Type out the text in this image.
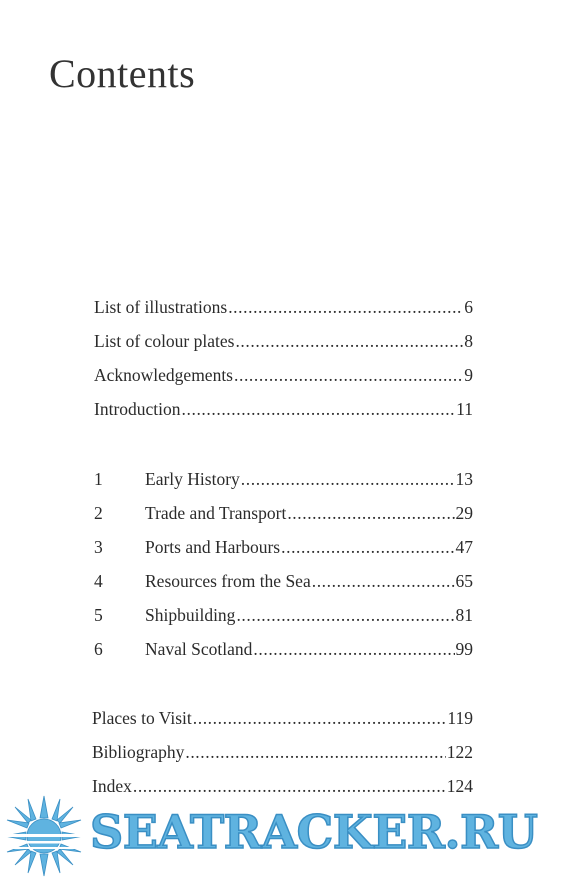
Contents
List of illustrations .....	6
List of colour plates .....	8
Acknowledgements .....	9
Introduction .....	11
1	Early History .....	13
2	Trade and Transport .....	29
3	Ports and Harbours .....	47
4	Resources from the Sea .....	65
5	Shipbuilding .....	81
6	Naval Scotland .....	99
Places to Visit .....	119
Bibliography .....	122
Index .....	124
SEATRACKER.RU
